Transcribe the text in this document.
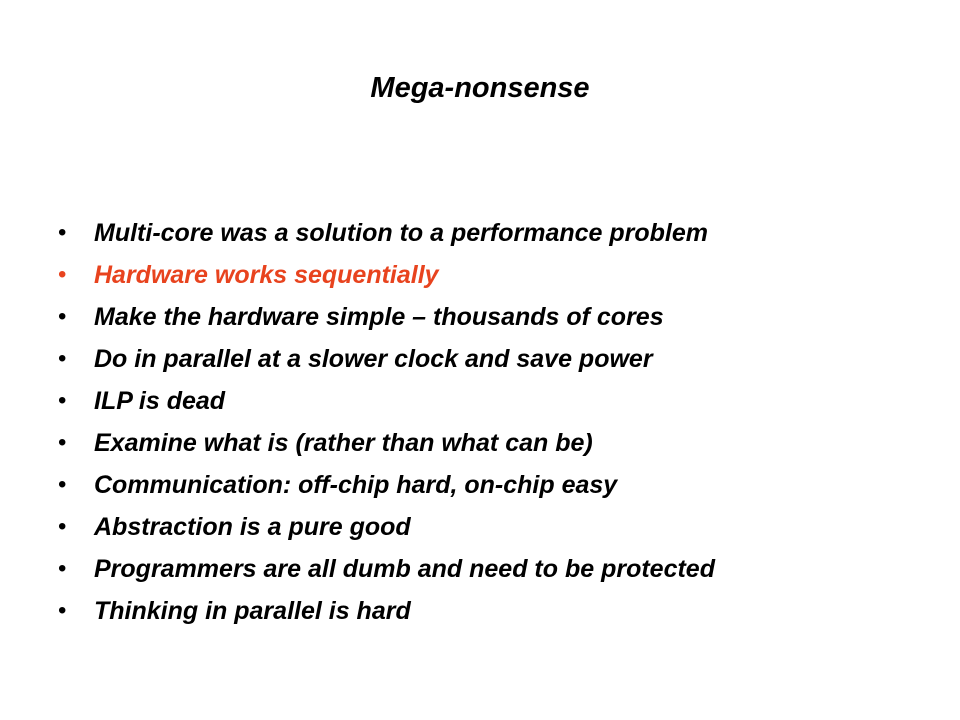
Mega-nonsense
• Multi-core was a solution to a performance problem
• Hardware works sequentially
• Make the hardware simple – thousands of cores
• Do in parallel at a slower clock and save power
• ILP is dead
• Examine what is (rather than what can be)
• Communication: off-chip hard, on-chip easy
• Abstraction is a pure good
• Programmers are all dumb and need to be protected
• Thinking in parallel is hard
